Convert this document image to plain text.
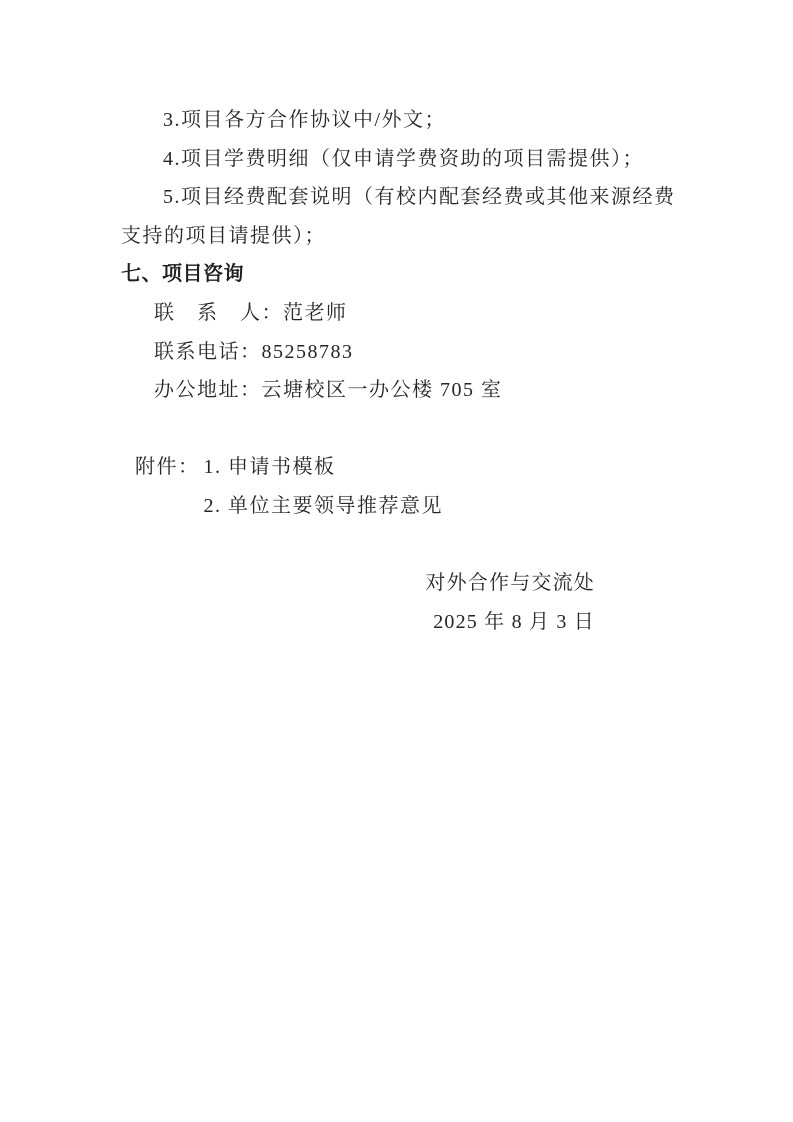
3.项目各方合作协议中/外文；

4.项目学费明细（仅申请学费资助的项目需提供）；

5.项目经费配套说明（有校内配套经费或其他来源经费
支持的项目请提供）；
七、项目咨询

联　系　人：范老师

联系电话：85258783

办公地址：云塘校区一办公楼 705 室

附件： 1. 申请书模板
2. 单位主要领导推荐意见
对外合作与交流处
2025 年 8 月 3 日
